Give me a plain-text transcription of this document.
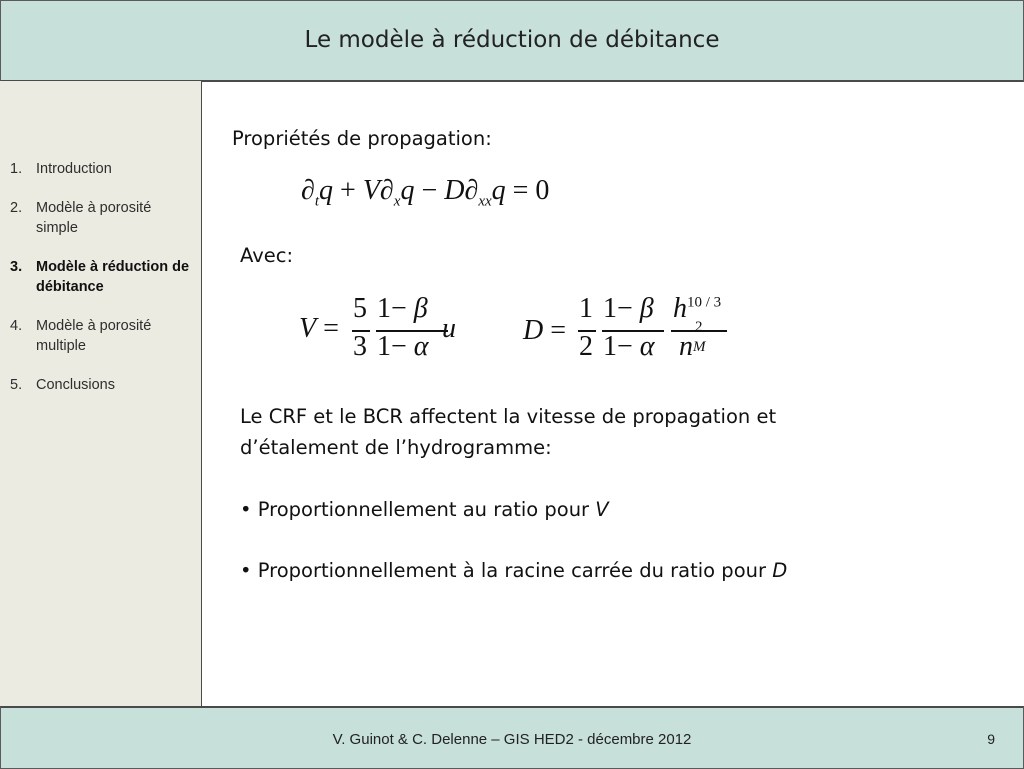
Le modèle à réduction de débitance
1. Introduction
2. Modèle à porosité simple
3. Modèle à réduction de débitance
4. Modèle à porosité multiple
5. Conclusions
Propriétés de propagation:
$\partial_tq + V\partial_xq - D\partial_{xx}q = 0$
Avec:
V =
5
3
1− β
1− α
u D =
1
2
1− β
1− α
$h^{10 / 3}$
n
2
M
Le CRF et le BCR affectent la vitesse de propagation et
d’étalement de l’hydrogramme:
• Proportionnellement au ratio pour V
• Proportionnellement à la racine carrée du ratio pour D
V. Guinot & C. Delenne – GIS HED2 - décembre 2012	9
